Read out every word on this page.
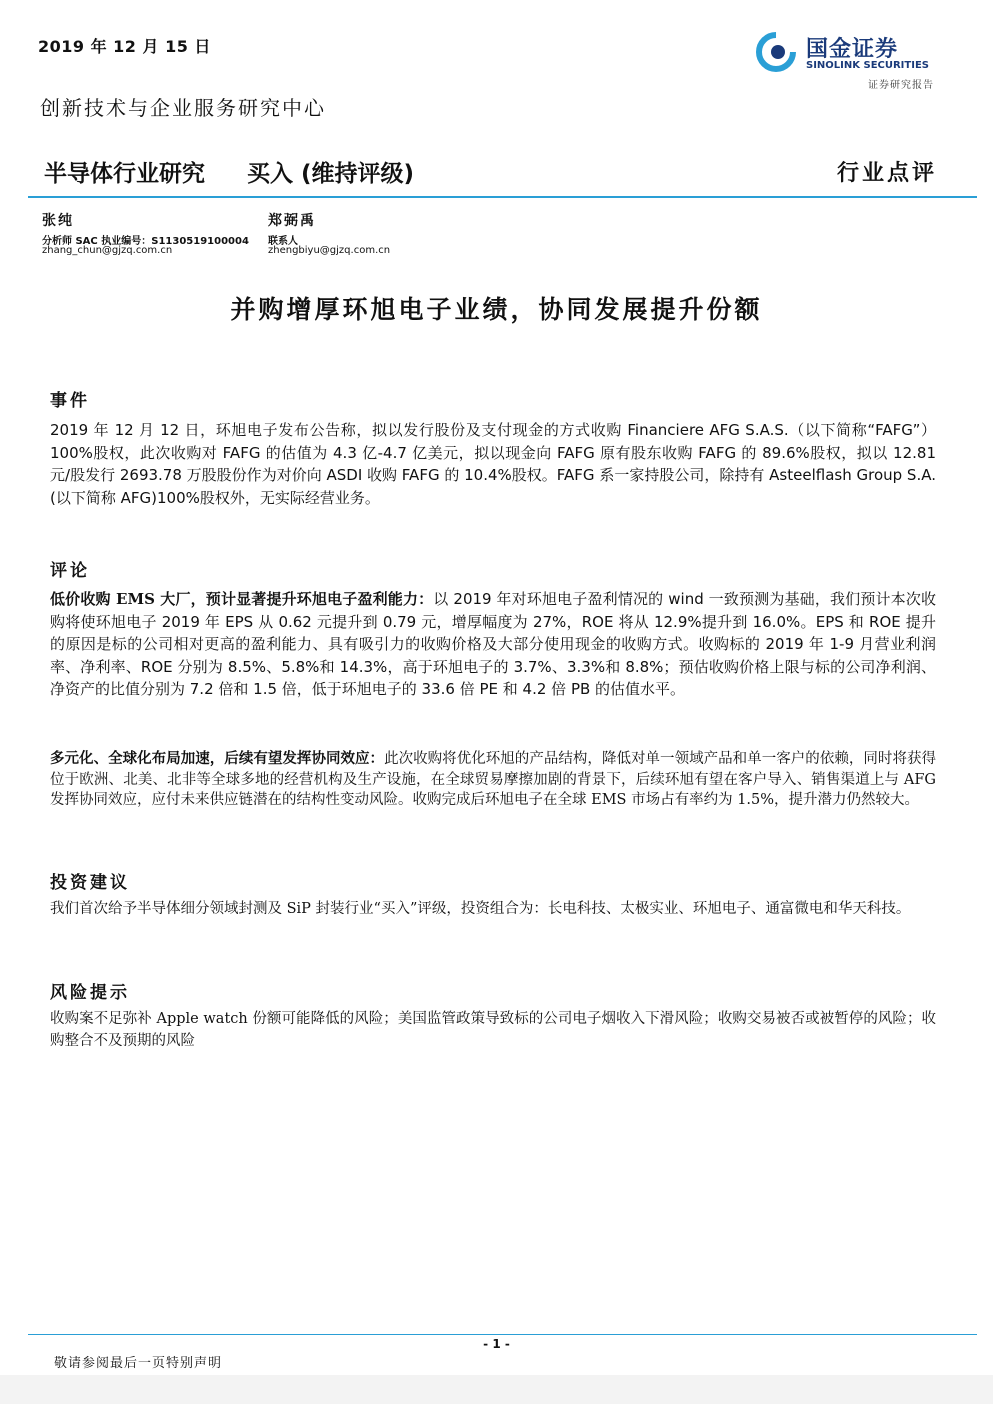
2019 年 12 月 15 日
创新技术与企业服务研究中心
国金证券
SINOLINK SECURITIES
证券研究报告
半导体行业研究 买入 (维持评级)	行业点评
张纯
分析师 SAC 执业编号：S1130519100004
zhang_chun@gjzq.com.cn
郑弼禹
联系人
zhengbiyu@gjzq.com.cn
并购增厚环旭电子业绩，协同发展提升份额
事件
2019 年 12 月 12 日，环旭电子发布公告称，拟以发行股份及支付现金的方式收购 Financiere AFG S.A.S.（以下简称“FAFG”）100%股权，此次收购对 FAFG 的估值为 4.3 亿-4.7 亿美元，拟以现金向 FAFG 原有股东收购 FAFG 的 89.6%股权，拟以 12.81 元/股发行 2693.78 万股股份作为对价向 ASDI 收购 FAFG 的 10.4%股权。FAFG 系一家持股公司，除持有 Asteelflash Group S.A. (以下简称 AFG)100%股权外，无实际经营业务。
评论
低价收购 EMS 大厂，预计显著提升环旭电子盈利能力：以 2019 年对环旭电子盈利情况的 wind 一致预测为基础，我们预计本次收购将使环旭电子 2019 年 EPS 从 0.62 元提升到 0.79 元，增厚幅度为 27%，ROE 将从 12.9%提升到 16.0%。EPS 和 ROE 提升的原因是标的公司相对更高的盈利能力、具有吸引力的收购价格及大部分使用现金的收购方式。收购标的 2019 年 1-9 月营业利润率、净利率、ROE 分别为 8.5%、5.8%和 14.3%，高于环旭电子的 3.7%、3.3%和 8.8%；预估收购价格上限与标的公司净利润、净资产的比值分别为 7.2 倍和 1.5 倍，低于环旭电子的 33.6 倍 PE 和 4.2 倍 PB 的估值水平。
多元化、全球化布局加速，后续有望发挥协同效应：此次收购将优化环旭的产品结构，降低对单一领域产品和单一客户的依赖，同时将获得位于欧洲、北美、北非等全球多地的经营机构及生产设施，在全球贸易摩擦加剧的背景下，后续环旭有望在客户导入、销售渠道上与 AFG 发挥协同效应，应付未来供应链潜在的结构性变动风险。收购完成后环旭电子在全球 EMS 市场占有率约为 1.5%，提升潜力仍然较大。
投资建议
我们首次给予半导体细分领域封测及 SiP 封装行业“买入”评级，投资组合为：长电科技、太极实业、环旭电子、通富微电和华天科技。
风险提示
收购案不足弥补 Apple watch 份额可能降低的风险；美国监管政策导致标的公司电子烟收入下滑风险；收购交易被否或被暂停的风险；收购整合不及预期的风险
- 1 -
敬请参阅最后一页特别声明
